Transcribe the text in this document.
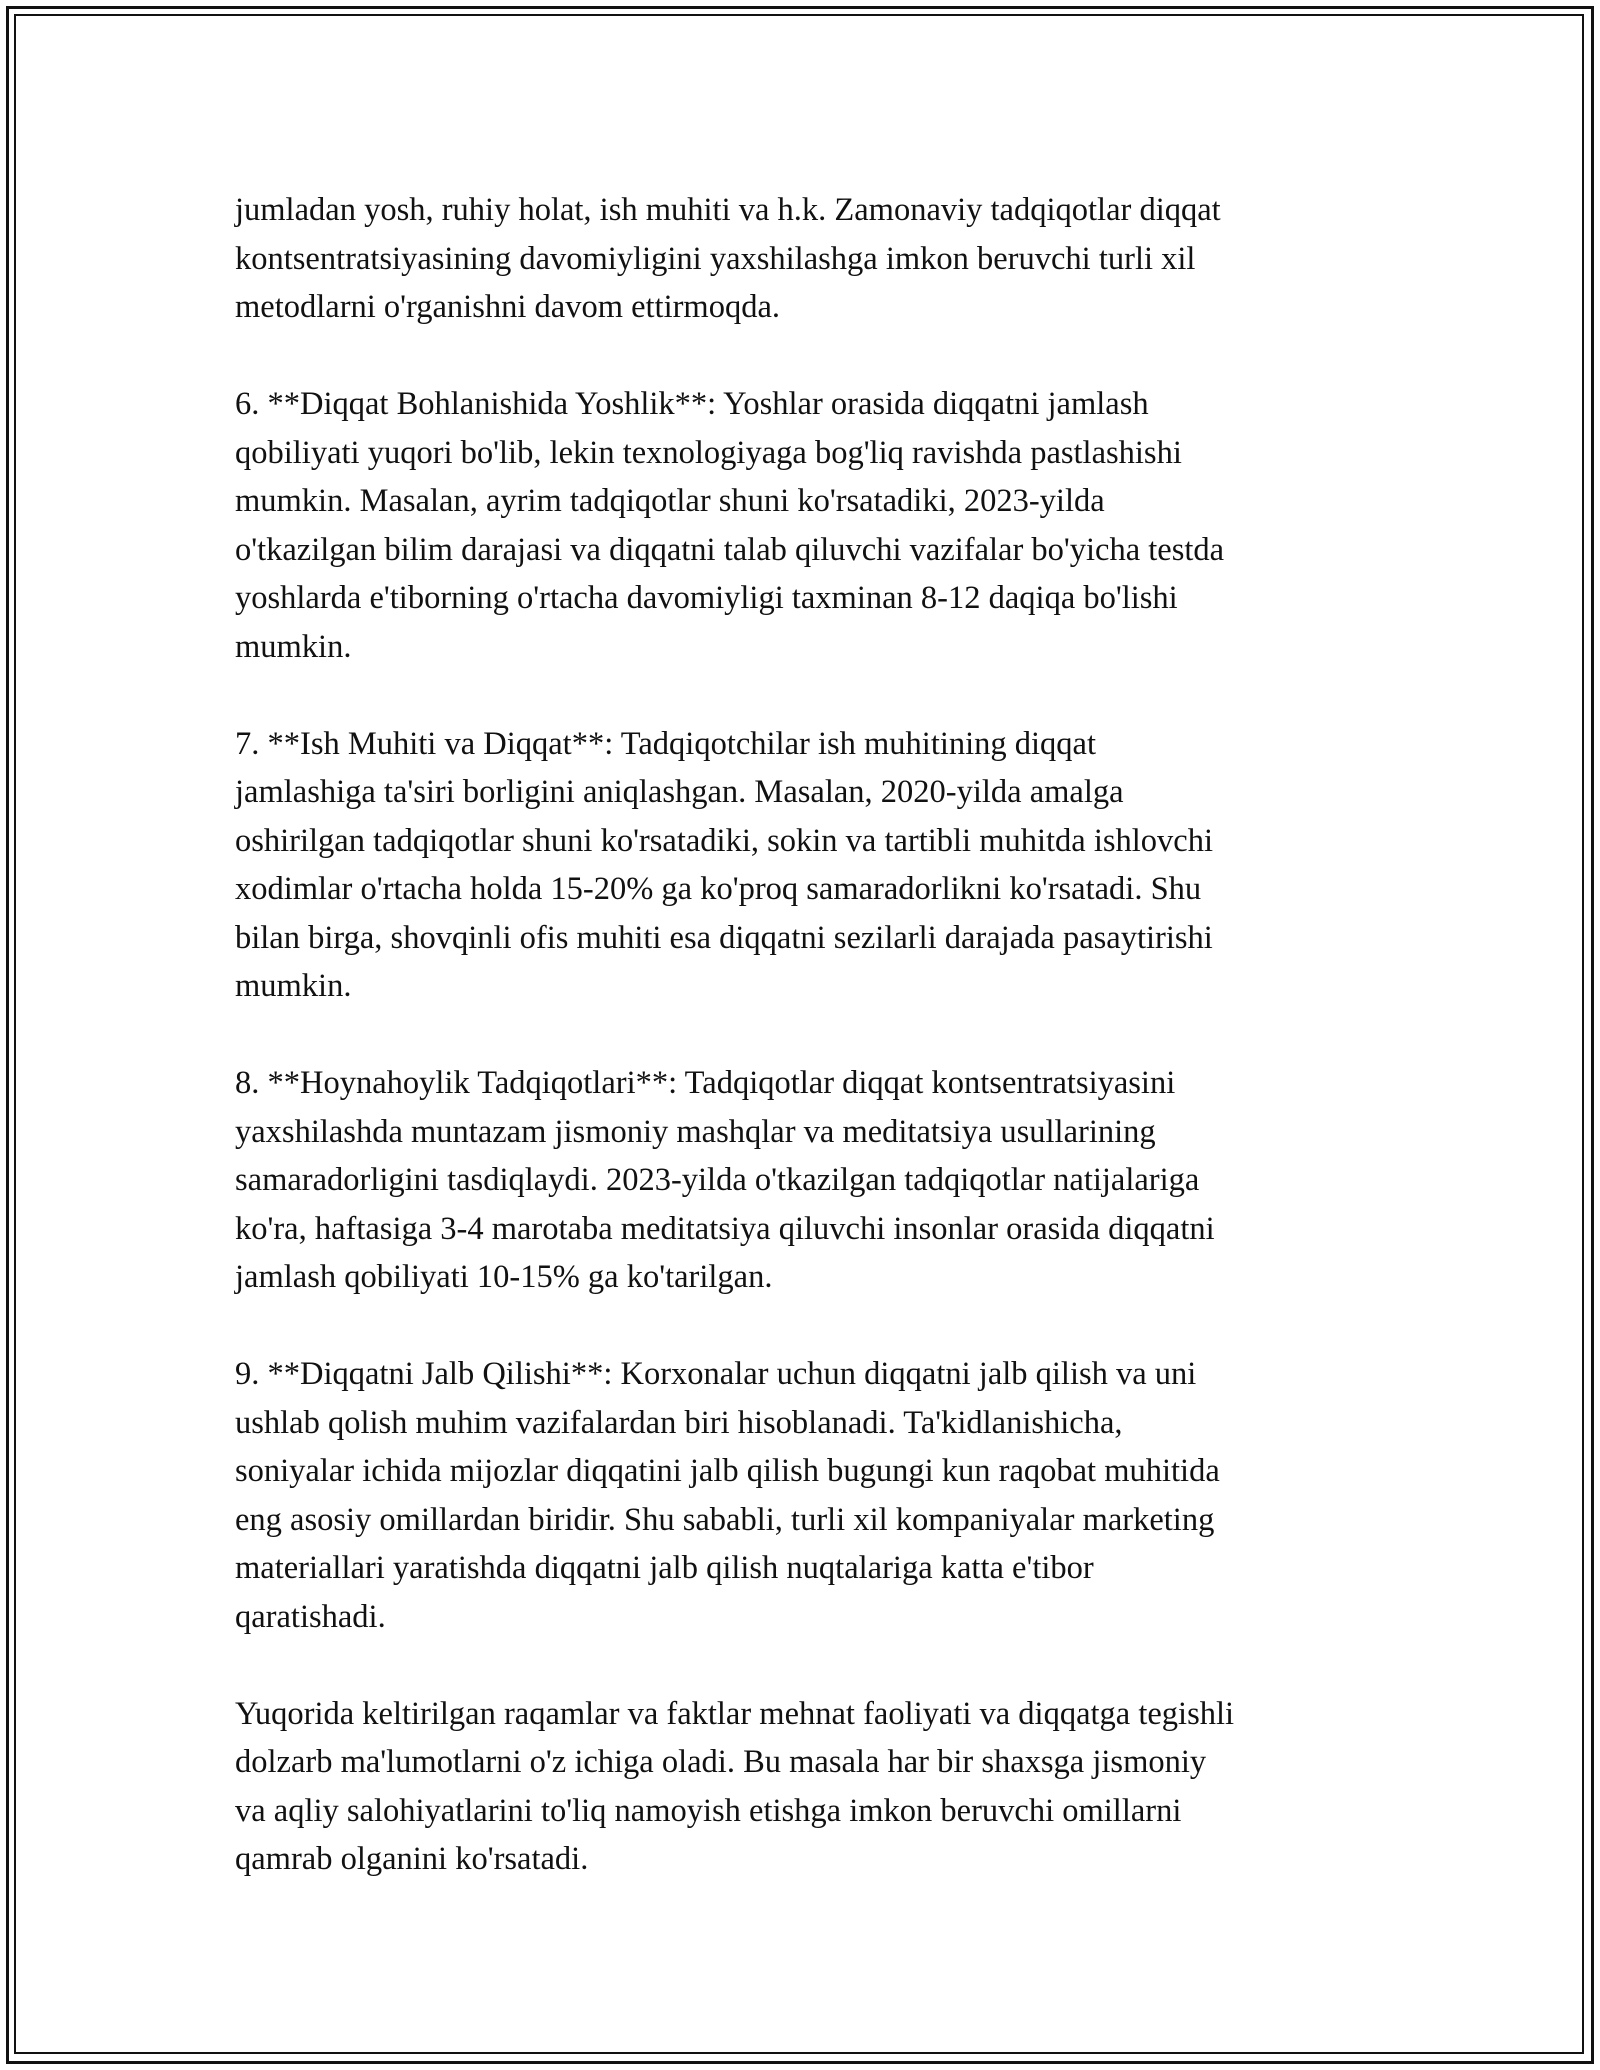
jumladan yosh, ruhiy holat, ish muhiti va h.k. Zamonaviy tadqiqotlar diqqat
kontsentratsiyasining davomiyligini yaxshilashga imkon beruvchi turli xil
metodlarni o'rganishni davom ettirmoqda.

6. **Diqqat Bohlanishida Yoshlik**: Yoshlar orasida diqqatni jamlash
qobiliyati yuqori bo'lib, lekin texnologiyaga bog'liq ravishda pastlashishi
mumkin. Masalan, ayrim tadqiqotlar shuni ko'rsatadiki, 2023-yilda
o'tkazilgan bilim darajasi va diqqatni talab qiluvchi vazifalar bo'yicha testda
yoshlarda e'tiborning o'rtacha davomiyligi taxminan 8-12 daqiqa bo'lishi
mumkin.

7. **Ish Muhiti va Diqqat**: Tadqiqotchilar ish muhitining diqqat
jamlashiga ta'siri borligini aniqlashgan. Masalan, 2020-yilda amalga
oshirilgan tadqiqotlar shuni ko'rsatadiki, sokin va tartibli muhitda ishlovchi
xodimlar o'rtacha holda 15-20% ga ko'proq samaradorlikni ko'rsatadi. Shu
bilan birga, shovqinli ofis muhiti esa diqqatni sezilarli darajada pasaytirishi
mumkin.

8. **Hoynahoylik Tadqiqotlari**: Tadqiqotlar diqqat kontsentratsiyasini
yaxshilashda muntazam jismoniy mashqlar va meditatsiya usullarining
samaradorligini tasdiqlaydi. 2023-yilda o'tkazilgan tadqiqotlar natijalariga
ko'ra, haftasiga 3-4 marotaba meditatsiya qiluvchi insonlar orasida diqqatni
jamlash qobiliyati 10-15% ga ko'tarilgan.

9. **Diqqatni Jalb Qilishi**: Korxonalar uchun diqqatni jalb qilish va uni
ushlab qolish muhim vazifalardan biri hisoblanadi. Ta'kidlanishicha,
soniyalar ichida mijozlar diqqatini jalb qilish bugungi kun raqobat muhitida
eng asosiy omillardan biridir. Shu sababli, turli xil kompaniyalar marketing
materiallari yaratishda diqqatni jalb qilish nuqtalariga katta e'tibor
qaratishadi.

Yuqorida keltirilgan raqamlar va faktlar mehnat faoliyati va diqqatga tegishli
dolzarb ma'lumotlarni o'z ichiga oladi. Bu masala har bir shaxsga jismoniy
va aqliy salohiyatlarini to'liq namoyish etishga imkon beruvchi omillarni
qamrab olganini ko'rsatadi.
